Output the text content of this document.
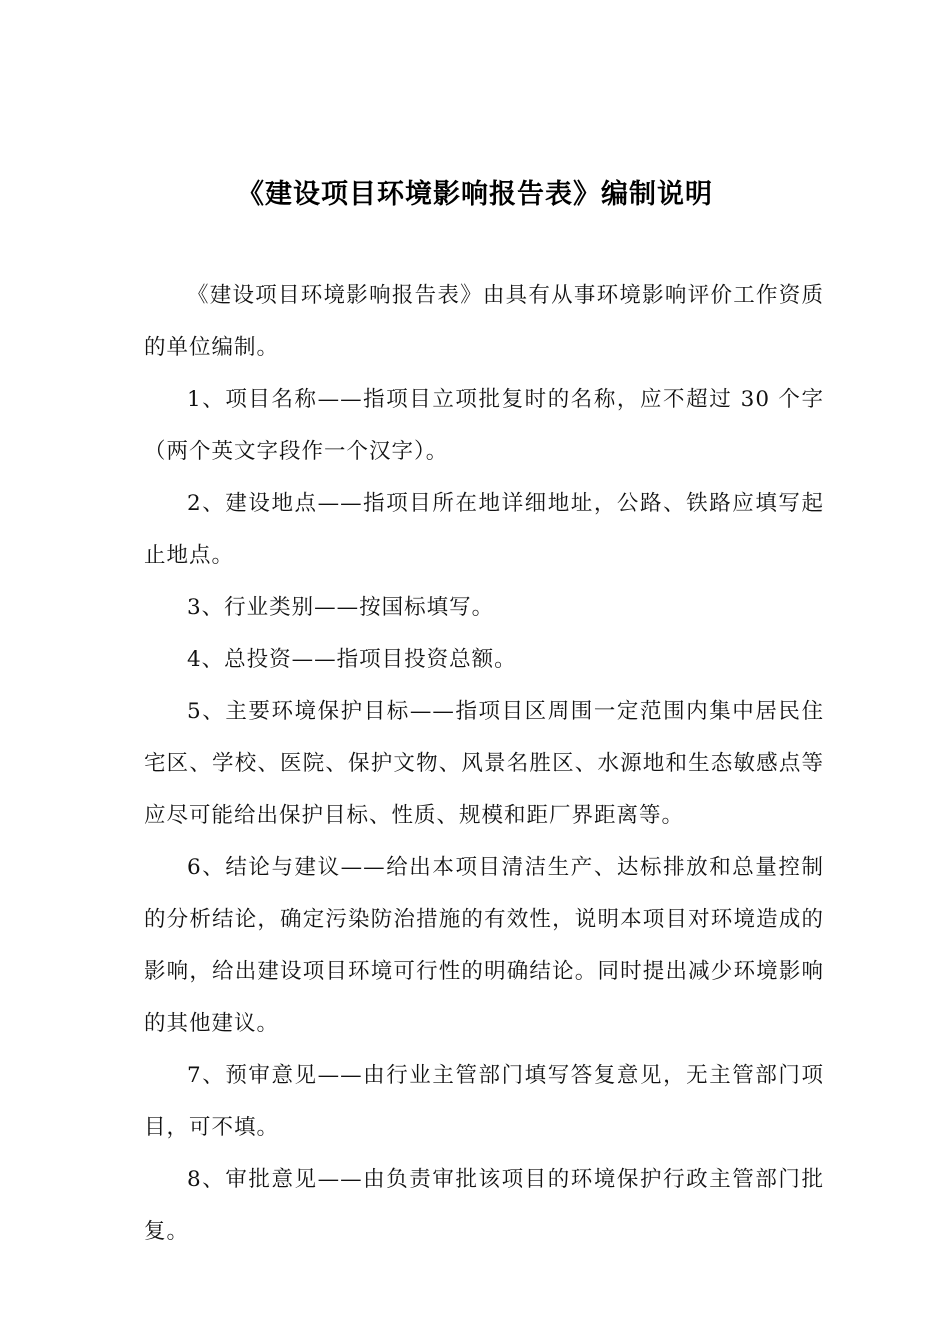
《建设项目环境影响报告表》编制说明

《建设项目环境影响报告表》由具有从事环境影响评价工作资质的单位编制。

1、项目名称——指项目立项批复时的名称，应不超过 30 个字（两个英文字段作一个汉字）。

2、建设地点——指项目所在地详细地址，公路、铁路应填写起止地点。

3、行业类别——按国标填写。

4、总投资——指项目投资总额。

5、主要环境保护目标——指项目区周围一定范围内集中居民住宅区、学校、医院、保护文物、风景名胜区、水源地和生态敏感点等应尽可能给出保护目标、性质、规模和距厂界距离等。

6、结论与建议——给出本项目清洁生产、达标排放和总量控制的分析结论，确定污染防治措施的有效性，说明本项目对环境造成的影响，给出建设项目环境可行性的明确结论。同时提出减少环境影响的其他建议。

7、预审意见——由行业主管部门填写答复意见，无主管部门项目，可不填。

8、审批意见——由负责审批该项目的环境保护行政主管部门批复。
